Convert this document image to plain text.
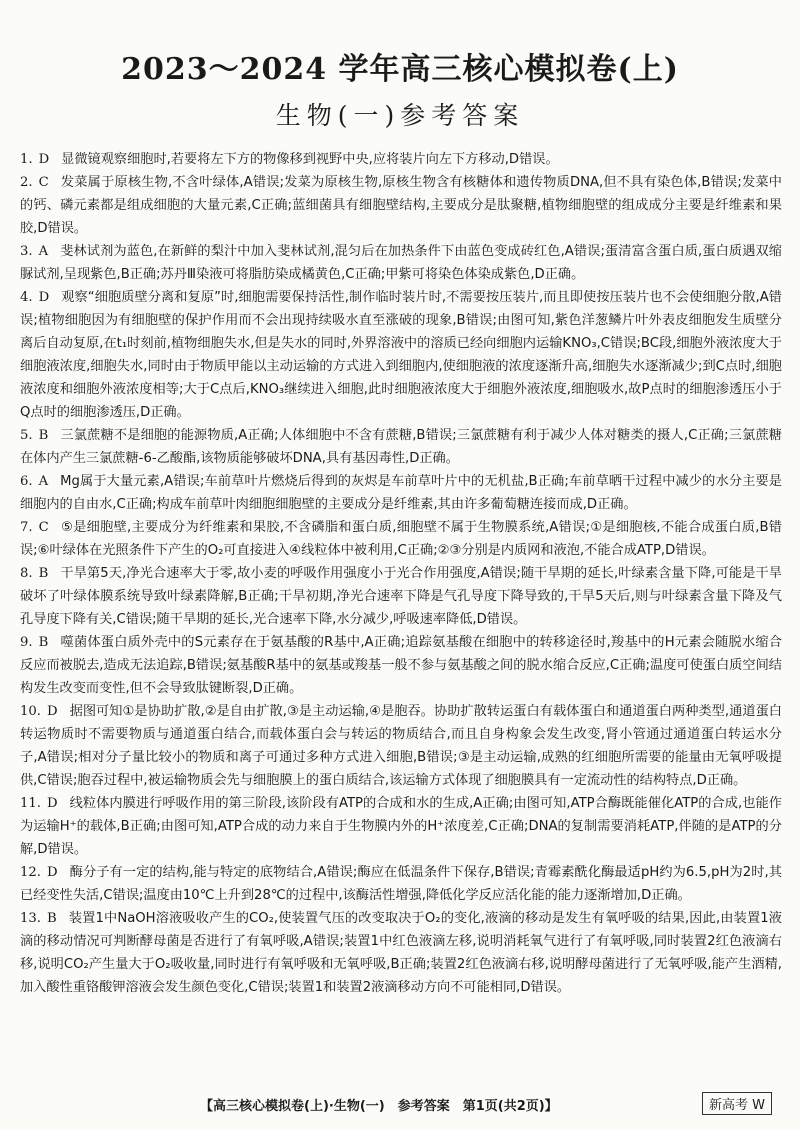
2023～2024 学年高三核心模拟卷(上)
生物(一)参考答案
1. D 显微镜观察细胞时,若要将左下方的物像移到视野中央,应将装片向左下方移动,D错误。
2. C 发菜属于原核生物,不含叶绿体,A错误;发菜为原核生物,原核生物含有核糖体和遗传物质DNA,但不具有染色体,B错误;发菜中的钙、磷元素都是组成细胞的大量元素,C正确;蓝细菌具有细胞壁结构,主要成分是肽聚糖,植物细胞壁的组成成分主要是纤维素和果胶,D错误。
3. A 斐林试剂为蓝色,在新鲜的梨汁中加入斐林试剂,混匀后在加热条件下由蓝色变成砖红色,A错误;蛋清富含蛋白质,蛋白质遇双缩脲试剂,呈现紫色,B正确;苏丹Ⅲ染液可将脂肪染成橘黄色,C正确;甲紫可将染色体染成紫色,D正确。
4. D 观察“细胞质壁分离和复原”时,细胞需要保持活性,制作临时装片时,不需要按压装片,而且即使按压装片也不会使细胞分散,A错误;植物细胞因为有细胞壁的保护作用而不会出现持续吸水直至涨破的现象,B错误;由图可知,紫色洋葱鳞片叶外表皮细胞发生质壁分离后自动复原,在t₁时刻前,植物细胞失水,但是失水的同时,外界溶液中的溶质已经向细胞内运输KNO₃,C错误;BC段,细胞外液浓度大于细胞液浓度,细胞失水,同时由于物质甲能以主动运输的方式进入到细胞内,使细胞液的浓度逐渐升高,细胞失水逐渐减少;到C点时,细胞液浓度和细胞外液浓度相等;大于C点后,KNO₃继续进入细胞,此时细胞液浓度大于细胞外液浓度,细胞吸水,故P点时的细胞渗透压小于Q点时的细胞渗透压,D正确。
5. B 三氯蔗糖不是细胞的能源物质,A正确;人体细胞中不含有蔗糖,B错误;三氯蔗糖有利于减少人体对糖类的摄人,C正确;三氯蔗糖在体内产生三氯蔗糖-6-乙酸酯,该物质能够破坏DNA,具有基因毒性,D正确。
6. A Mg属于大量元素,A错误;车前草叶片燃烧后得到的灰烬是车前草叶片中的无机盐,B正确;车前草晒干过程中减少的水分主要是细胞内的自由水,C正确;构成车前草叶肉细胞细胞壁的主要成分是纤维素,其由许多葡萄糖连接而成,D正确。
7. C ⑤是细胞壁,主要成分为纤维素和果胶,不含磷脂和蛋白质,细胞壁不属于生物膜系统,A错误;①是细胞核,不能合成蛋白质,B错误;⑥叶绿体在光照条件下产生的O₂可直接进入④线粒体中被利用,C正确;②③分别是内质网和液泡,不能合成ATP,D错误。
8. B 干旱第5天,净光合速率大于零,故小麦的呼吸作用强度小于光合作用强度,A错误;随干旱期的延长,叶绿素含量下降,可能是干旱破坏了叶绿体膜系统导致叶绿素降解,B正确;干旱初期,净光合速率下降是气孔导度下降导致的,干旱5天后,则与叶绿素含量下降及气孔导度下降有关,C错误;随干旱期的延长,光合速率下降,水分减少,呼吸速率降低,D错误。
9. B 噬菌体蛋白质外壳中的S元素存在于氨基酸的R基中,A正确;追踪氨基酸在细胞中的转移途径时,羧基中的H元素会随脱水缩合反应而被脱去,造成无法追踪,B错误;氨基酸R基中的氨基或羧基一般不参与氨基酸之间的脱水缩合反应,C正确;温度可使蛋白质空间结构发生改变而变性,但不会导致肽键断裂,D正确。
10. D 据图可知①是协助扩散,②是自由扩散,③是主动运输,④是胞吞。协助扩散转运蛋白有载体蛋白和通道蛋白两种类型,通道蛋白转运物质时不需要物质与通道蛋白结合,而载体蛋白会与转运的物质结合,而且自身构象会发生改变,肾小管通过通道蛋白转运水分子,A错误;相对分子量比较小的物质和离子可通过多种方式进入细胞,B错误;③是主动运输,成熟的红细胞所需要的能量由无氧呼吸提供,C错误;胞吞过程中,被运输物质会先与细胞膜上的蛋白质结合,该运输方式体现了细胞膜具有一定流动性的结构特点,D正确。
11. D 线粒体内膜进行呼吸作用的第三阶段,该阶段有ATP的合成和水的生成,A正确;由图可知,ATP合酶既能催化ATP的合成,也能作为运输H⁺的载体,B正确;由图可知,ATP合成的动力来自于生物膜内外的H⁺浓度差,C正确;DNA的复制需要消耗ATP,伴随的是ATP的分解,D错误。
12. D 酶分子有一定的结构,能与特定的底物结合,A错误;酶应在低温条件下保存,B错误;青霉素酰化酶最适pH约为6.5,pH为2时,其已经变性失活,C错误;温度由10℃上升到28℃的过程中,该酶活性增强,降低化学反应活化能的能力逐渐增加,D正确。
13. B 装置1中NaOH溶液吸收产生的CO₂,使装置气压的改变取决于O₂的变化,液滴的移动是发生有氧呼吸的结果,因此,由装置1液滴的移动情况可判断酵母菌是否进行了有氧呼吸,A错误;装置1中红色液滴左移,说明消耗氧气进行了有氧呼吸,同时装置2红色液滴右移,说明CO₂产生量大于O₂吸收量,同时进行有氧呼吸和无氧呼吸,B正确;装置2红色液滴右移,说明酵母菌进行了无氧呼吸,能产生酒精,加入酸性重铬酸钾溶液会发生颜色变化,C错误;装置1和装置2液滴移动方向不可能相同,D错误。
【高三核心模拟卷(上)·生物(一)　参考答案　第1页(共2页)】	新高考 W
